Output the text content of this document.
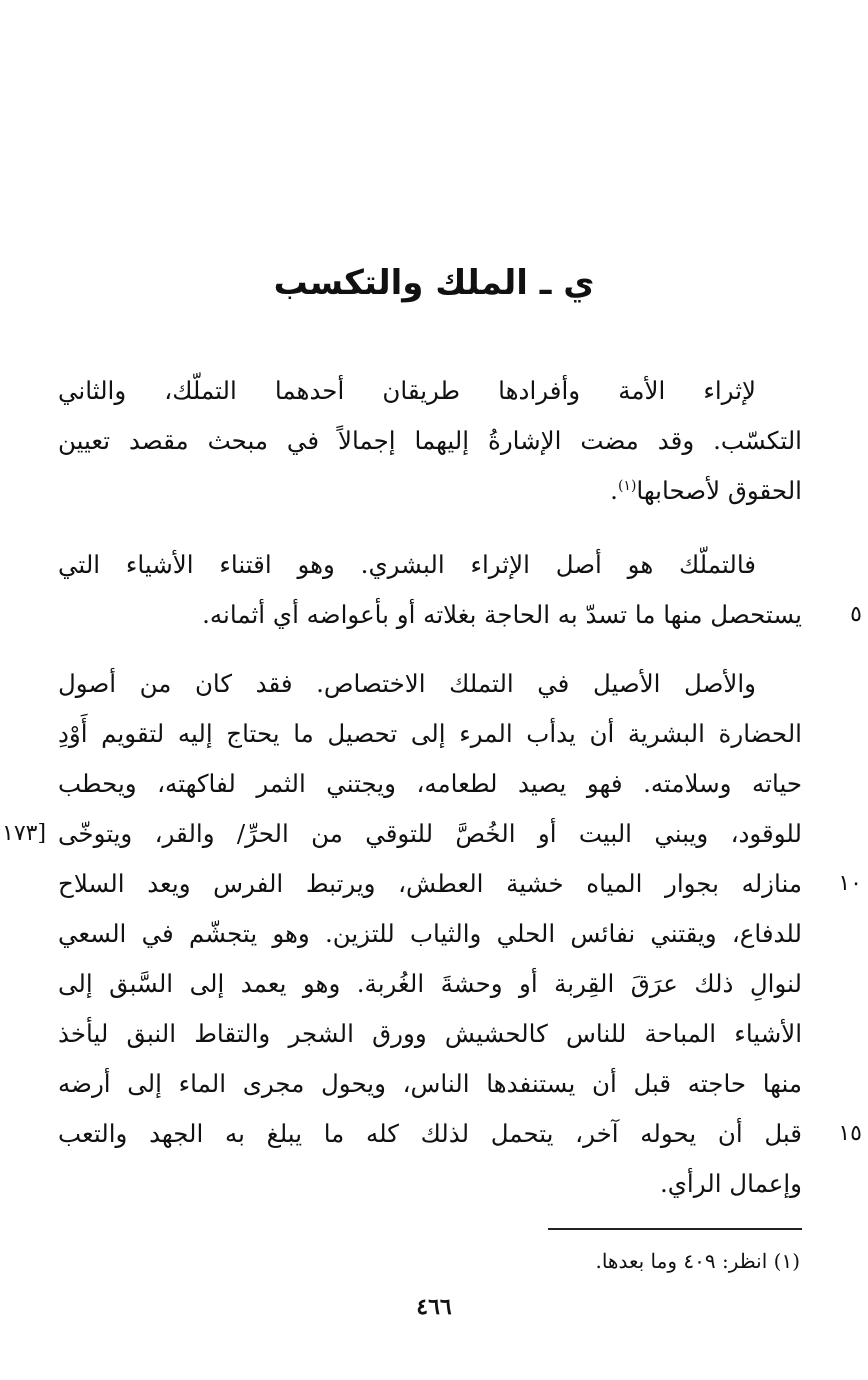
ي ـ الملك والتكسب
لإثراء الأمة وأفرادها طريقان أحدهما التملّك، والثاني
التكسّب. وقد مضت الإشارةُ إليهما إجمالاً في مبحث مقصد تعيين
الحقوق لأصحابها$^{(١)}$.
فالتملّك هو أصل الإثراء البشري. وهو اقتناء الأشياء التي
يستحصل منها ما تسدّ به الحاجة بغلاته أو بأعواضه أي أثمانه.
والأصل الأصيل في التملك الاختصاص. فقد كان من أصول
الحضارة البشرية أن يدأب المرء إلى تحصيل ما يحتاج إليه لتقويم أَوْدِ
حياته وسلامته. فهو يصيد لطعامه، ويجتني الثمر لفاكهته، ويحطب
للوقود، ويبني البيت أو الخُصَّ للتوقي من الحرِّ/ والقر، ويتوخّى
منازله بجوار المياه خشية العطش، ويرتبط الفرس ويعد السلاح
للدفاع، ويقتني نفائس الحلي والثياب للتزين. وهو يتجشّم في السعي
لنوالِ ذلك عرَقَ القِربة أو وحشةَ الغُربة. وهو يعمد إلى السَّبق إلى
الأشياء المباحة للناس كالحشيش وورق الشجر والتقاط النبق ليأخذ
منها حاجته قبل أن يستنفدها الناس، ويحول مجرى الماء إلى أرضه
قبل أن يحوله آخر، يتحمل لذلك كله ما يبلغ به الجهد والتعب
وإعمال الرأي.
٥
١٠
١٥
[١٧٣
(١) انظر: ٤٠٩ وما بعدها.
٤٦٦
